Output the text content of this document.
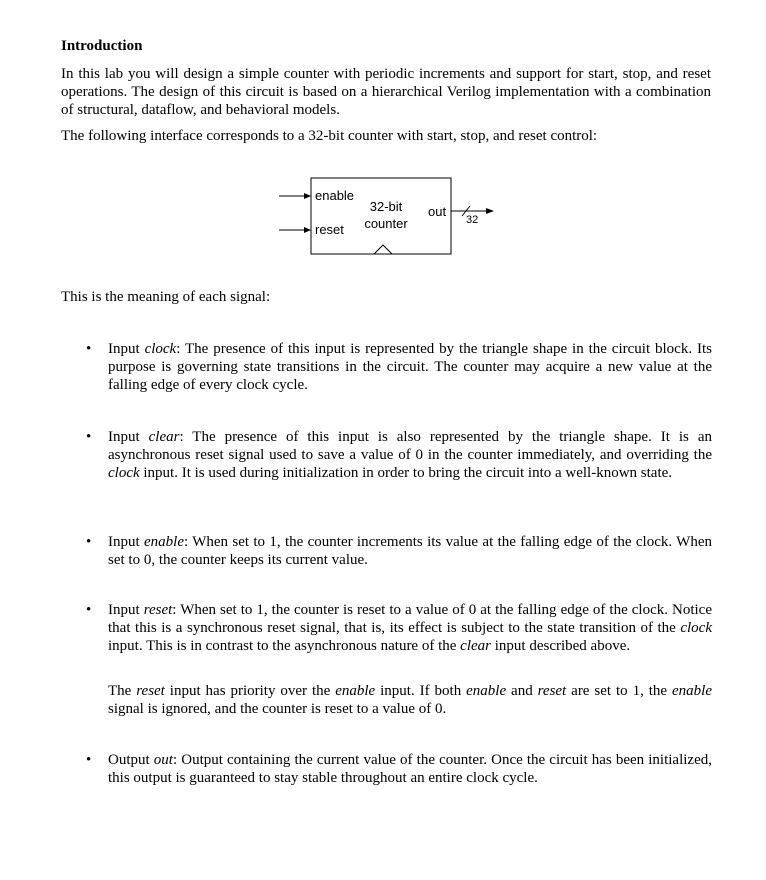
Introduction
In this lab you will design a simple counter with periodic increments and support for start, stop, and reset operations. The design of this circuit is based on a hierarchical Verilog implementation with a combination of structural, dataflow, and behavioral models.
The following interface corresponds to a 32-bit counter with start, stop, and reset control:
enable
reset
32-bit
counter
out
32
This is the meaning of each signal:
• Input clock: The presence of this input is represented by the triangle shape in the circuit block. Its purpose is governing state transitions in the circuit. The counter may acquire a new value at the falling edge of every clock cycle.
• Input clear: The presence of this input is also represented by the triangle shape. It is an asynchronous reset signal used to save a value of 0 in the counter immediately, and overriding the clock input. It is used during initialization in order to bring the circuit into a well-known state.
• Input enable: When set to 1, the counter increments its value at the falling edge of the clock. When set to 0, the counter keeps its current value.
• Input reset: When set to 1, the counter is reset to a value of 0 at the falling edge of the clock. Notice that this is a synchronous reset signal, that is, its effect is subject to the state transition of the clock input. This is in contrast to the asynchronous nature of the clear input described above.
The reset input has priority over the enable input. If both enable and reset are set to 1, the enable signal is ignored, and the counter is reset to a value of 0.
• Output out: Output containing the current value of the counter. Once the circuit has been initialized, this output is guaranteed to stay stable throughout an entire clock cycle.
